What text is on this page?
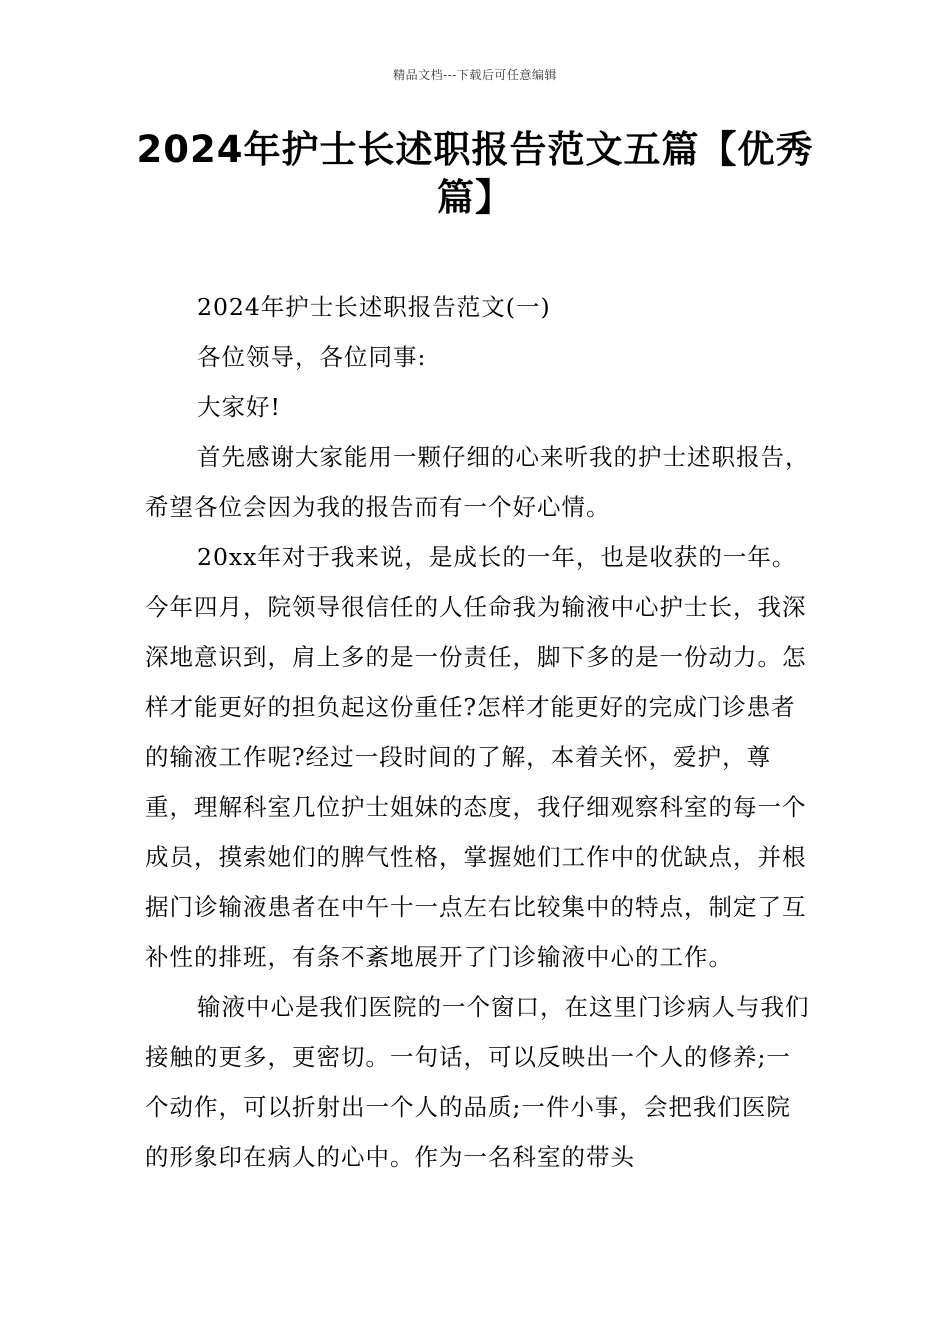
精品文档---下载后可任意编辑
2024年护士长述职报告范文五篇【优秀
篇】

2024年护士长述职报告范文(一)

各位领导，各位同事:

大家好!

首先感谢大家能用一颗仔细的心来听我的护士述职报告，希望各位会因为我的报告而有一个好心情。

20xx年对于我来说，是成长的一年，也是收获的一年。今年四月，院领导很信任的人任命我为输液中心护士长，我深深地意识到，肩上多的是一份责任，脚下多的是一份动力。怎样才能更好的担负起这份重任?怎样才能更好的完成门诊患者的输液工作呢?经过一段时间的了解，本着关怀，爱护，尊重，理解科室几位护士姐妹的态度，我仔细观察科室的每一个成员，摸索她们的脾气性格，掌握她们工作中的优缺点，并根据门诊输液患者在中午十一点左右比较集中的特点，制定了互补性的排班，有条不紊地展开了门诊输液中心的工作。

输液中心是我们医院的一个窗口，在这里门诊病人与我们接触的更多，更密切。一句话，可以反映出一个人的修养;一个动作，可以折射出一个人的品质;一件小事，会把我们医院的形象印在病人的心中。作为一名科室的带头
